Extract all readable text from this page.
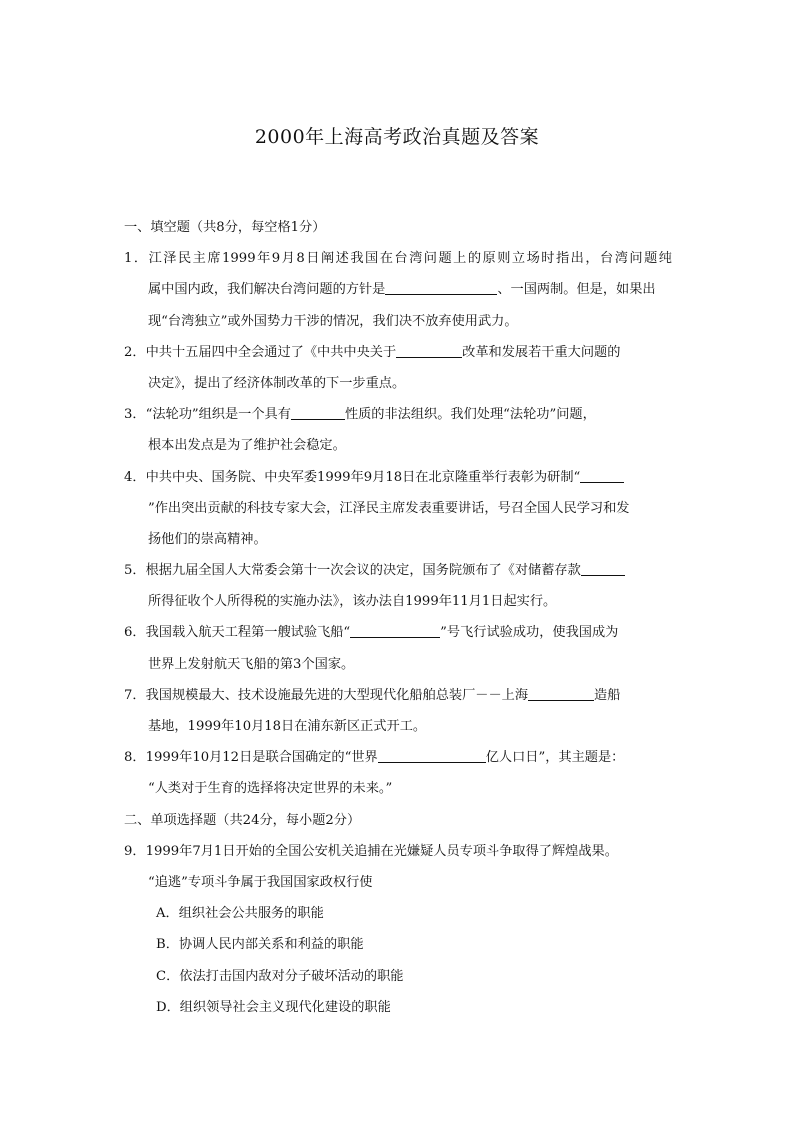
2000年上海高考政治真题及答案
一、填空题（共8分，每空格1分）
1．江泽民主席1999年9月8日阐述我国在台湾问题上的原则立场时指出，台湾问题纯
属中国内政，我们解决台湾问题的方针是	、一国两制。但是，如果出
现“台湾独立”或外国势力干涉的情况，我们决不放弃使用武力。
2．中共十五届四中全会通过了《中共中央关于	改革和发展若干重大问题的
决定》，提出了经济体制改革的下一步重点。
3．“法轮功”组织是一个具有	性质的非法组织。我们处理“法轮功”问题，
根本出发点是为了维护社会稳定。
4．中共中央、国务院、中央军委1999年9月18日在北京隆重举行表彰为研制“
”作出突出贡献的科技专家大会，江泽民主席发表重要讲话，号召全国人民学习和发
扬他们的崇高精神。
5．根据九届全国人大常委会第十一次会议的决定，国务院颁布了《对储蓄存款
所得征收个人所得税的实施办法》，该办法自1999年11月1日起实行。
6．我国载入航天工程第一艘试验飞船“	”号飞行试验成功，使我国成为
世界上发射航天飞船的第3个国家。
7．我国规模最大、技术设施最先进的大型现代化船舶总装厂－－上海	造船
基地，1999年10月18日在浦东新区正式开工。
8．1999年10月12日是联合国确定的“世界	亿人口日”，其主题是：
“人类对于生育的选择将决定世界的未来。”
二、单项选择题（共24分，每小题2分）
9．1999年7月1日开始的全国公安机关追捕在光嫌疑人员专项斗争取得了辉煌战果。
“追逃”专项斗争属于我国国家政权行使
A．组织社会公共服务的职能
B．协调人民内部关系和利益的职能
C．依法打击国内敌对分子破坏活动的职能
D．组织领导社会主义现代化建设的职能
